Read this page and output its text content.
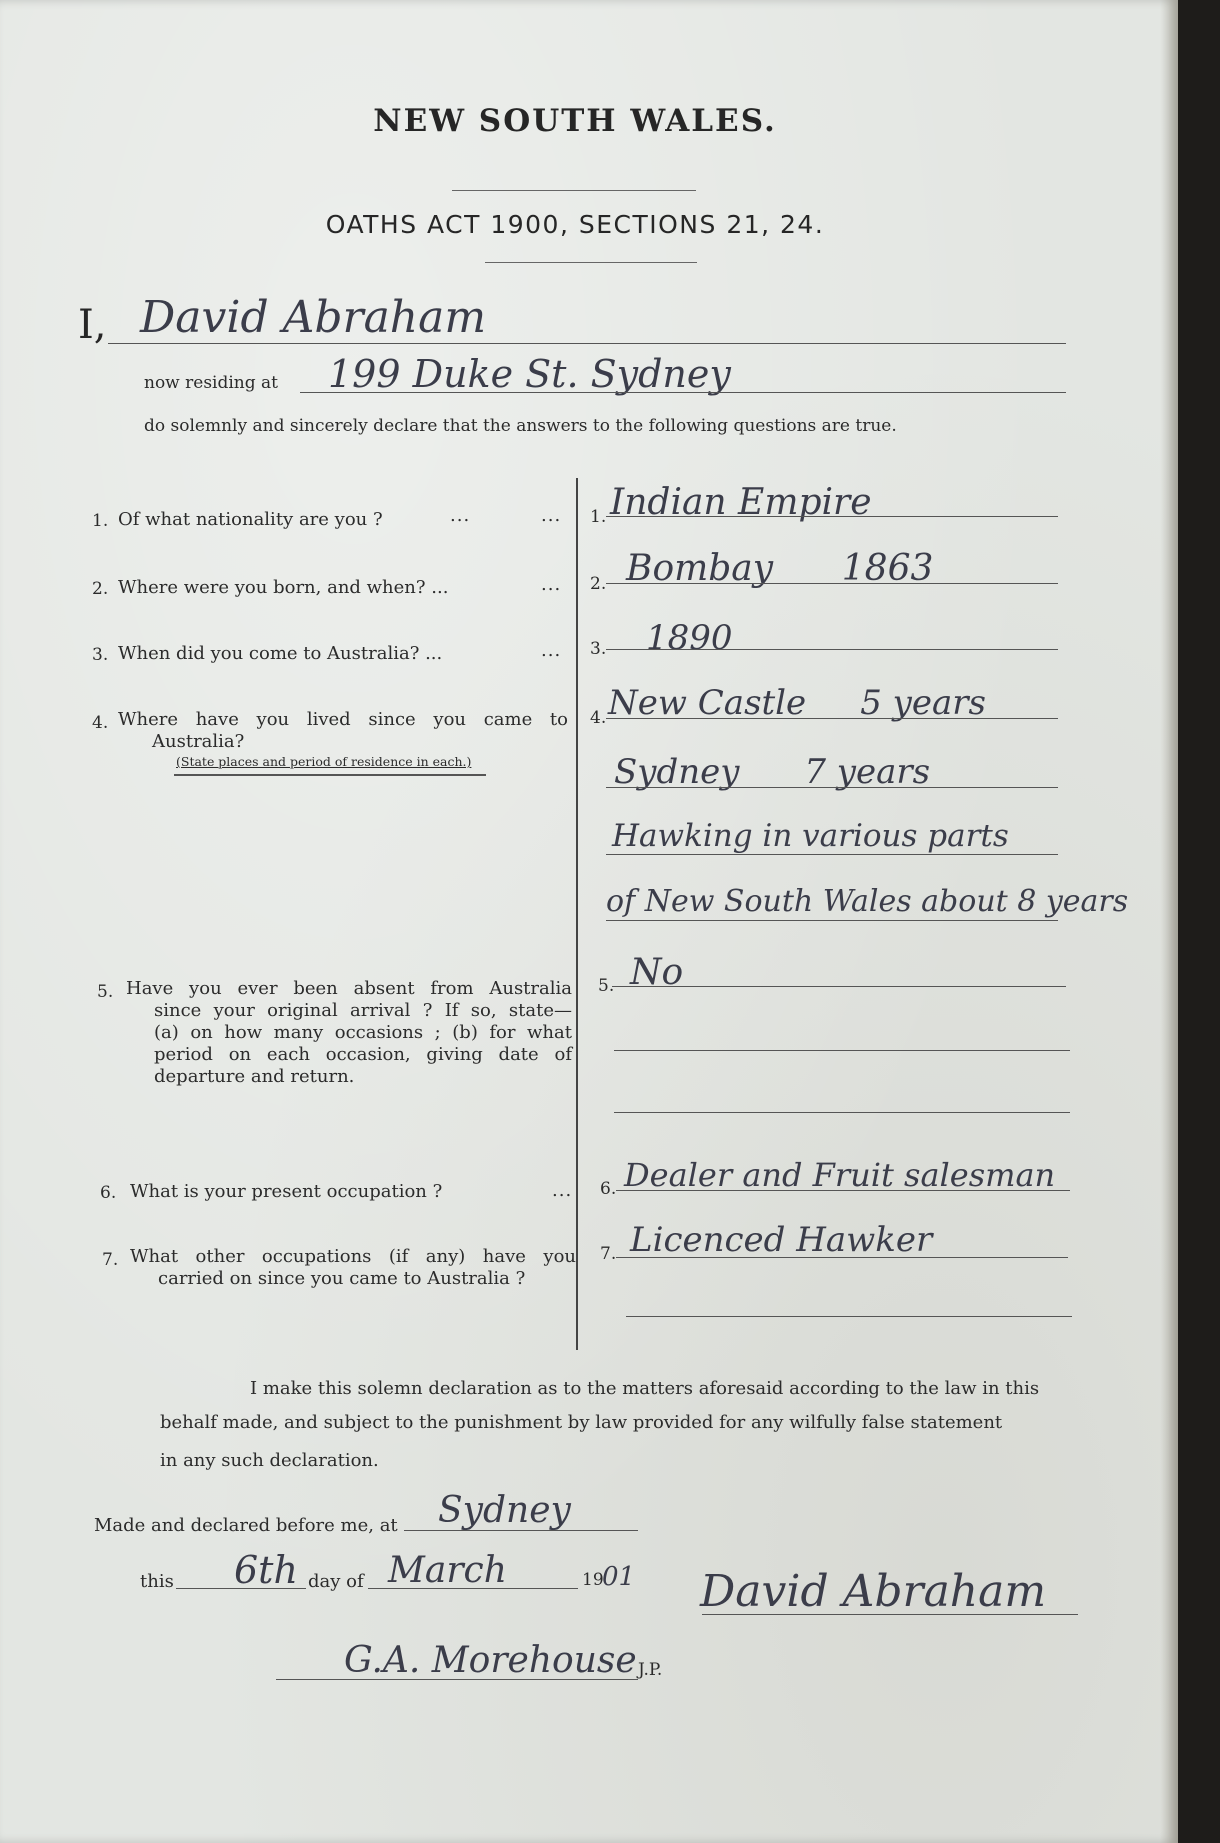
NEW SOUTH WALES.
OATHS ACT 1900, SECTIONS 21, 24.
I, David Abraham
now residing at 199 Duke St. Sydney
do solemnly and sincerely declare that the answers to the following questions are true.
1. Of what nationality are you ?	...	... 1. Indian Empire
2. Where were you born, and when? ...	... 2. Bombay      1863
3. When did you come to Australia? ...	... 3. 1890
4. Where have you lived since you came to
Australia?
(State places and period of residence in each.)
4. New Castle     5 years
Sydney      7 years
Hawking in various parts
of New South Wales about 8 years
5. Have you ever been absent from Australia
since your original arrival ? If so, state—
(a) on how many occasions ; (b) for what
period on each occasion, giving date of
departure and return.
5. No
6. What is your present occupation ?	... 6. Dealer and Fruit salesman
7. What other occupations (if any) have you
carried on since you came to Australia ?
7. Licenced Hawker
I make this solemn declaration as to the matters aforesaid according to the law in this
behalf made, and subject to the punishment by law provided for any wilfully false statement
in any such declaration.
Made and declared before me, at Sydney
this 6th day of March	19
01 David Abraham
G.A. Morehouse J.P.
